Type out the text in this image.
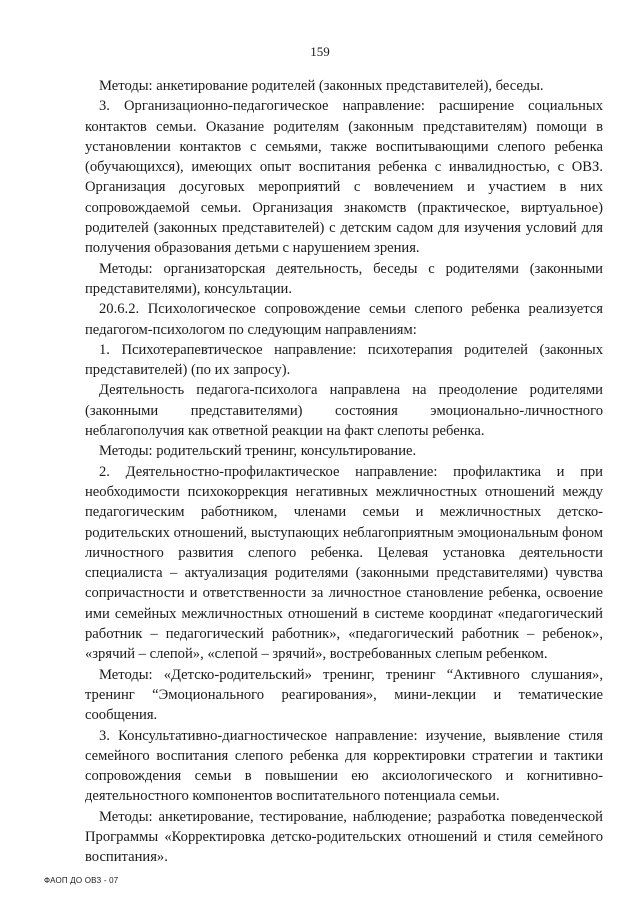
159

Методы: анкетирование родителей (законных представителей), беседы.

3. Организационно-педагогическое направление: расширение социальных контактов семьи. Оказание родителям (законным представителям) помощи в установлении контактов с семьями, также воспитывающими слепого ребенка (обучающихся), имеющих опыт воспитания ребенка с инвалидностью, с ОВЗ. Организация досуговых мероприятий с вовлечением и участием в них сопровождаемой семьи. Организация знакомств (практическое, виртуальное) родителей (законных представителей) с детским садом для изучения условий для получения образования детьми с нарушением зрения.

Методы: организаторская деятельность, беседы с родителями (законными представителями), консультации.

20.6.2. Психологическое сопровождение семьи слепого ребенка реализуется педагогом-психологом по следующим направлениям:

1. Психотерапевтическое направление: психотерапия родителей (законных представителей) (по их запросу).

Деятельность педагога-психолога направлена на преодоление родителями (законными представителями) состояния эмоционально-личностного неблагополучия как ответной реакции на факт слепоты ребенка.

Методы: родительский тренинг, консультирование.

2. Деятельностно-профилактическое направление: профилактика и при необходимости психокоррекция негативных межличностных отношений между педагогическим работником, членами семьи и межличностных детско-родительских отношений, выступающих неблагоприятным эмоциональным фоном личностного развития слепого ребенка. Целевая установка деятельности специалиста – актуализация родителями (законными представителями) чувства сопричастности и ответственности за личностное становление ребенка, освоение ими семейных межличностных отношений в системе координат «педагогический работник – педагогический работник», «педагогический работник – ребенок», «зрячий – слепой», «слепой – зрячий», востребованных слепым ребенком.

Методы: «Детско-родительский» тренинг, тренинг “Активного слушания», тренинг “Эмоционального реагирования», мини-лекции и тематические сообщения.

3. Консультативно-диагностическое направление: изучение, выявление стиля семейного воспитания слепого ребенка для корректировки стратегии и тактики сопровождения семьи в повышении ею аксиологического и когнитивно-деятельностного компонентов воспитательного потенциала семьи.

Методы: анкетирование, тестирование, наблюдение; разработка поведенческой Программы «Корректировка детско-родительских отношений и стиля семейного воспитания».

ФАОП ДО ОВЗ - 07
